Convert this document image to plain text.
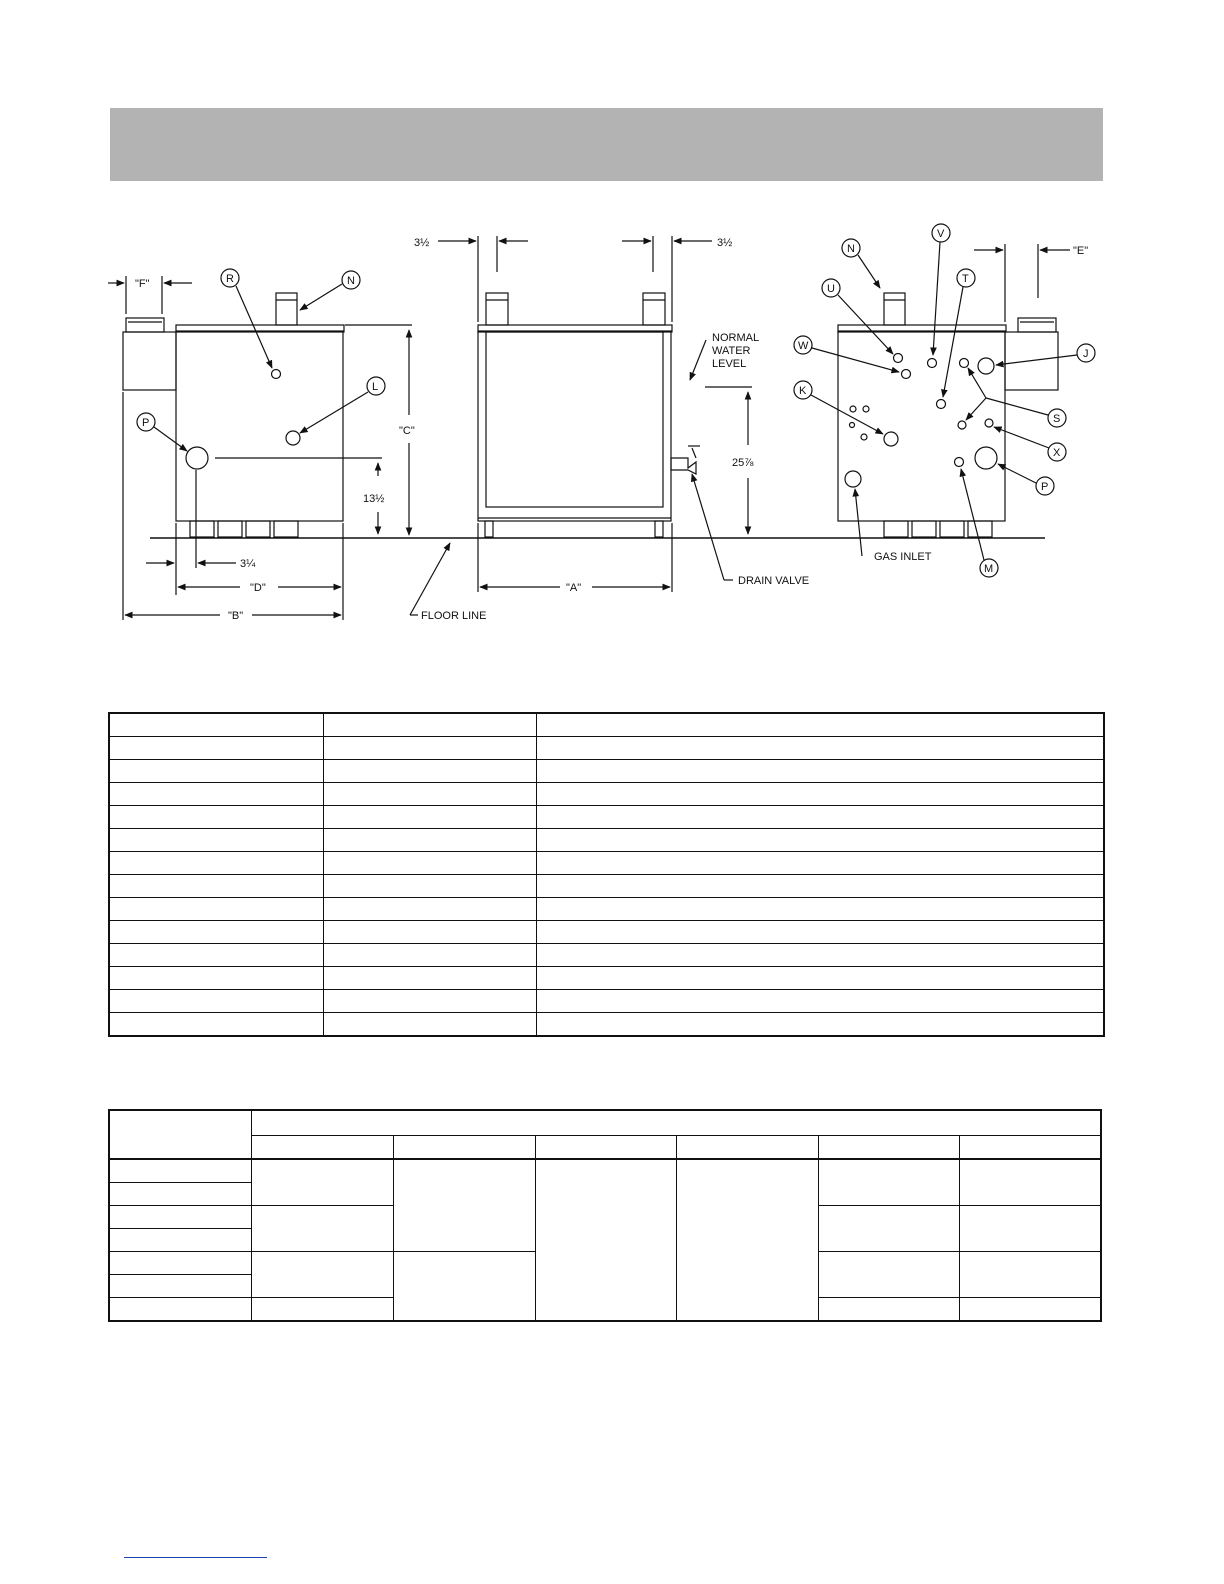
R	N
L
P
"F"
"C"
13½
3¼
"D"
"B"
3½	3½
NORMAL
WATER
LEVEL
25⅞
"A"
DRAIN VALVE
FLOOR LINE
N
V
U
T
W
J
K
S
X
P
M
GAS INLET
"E"
